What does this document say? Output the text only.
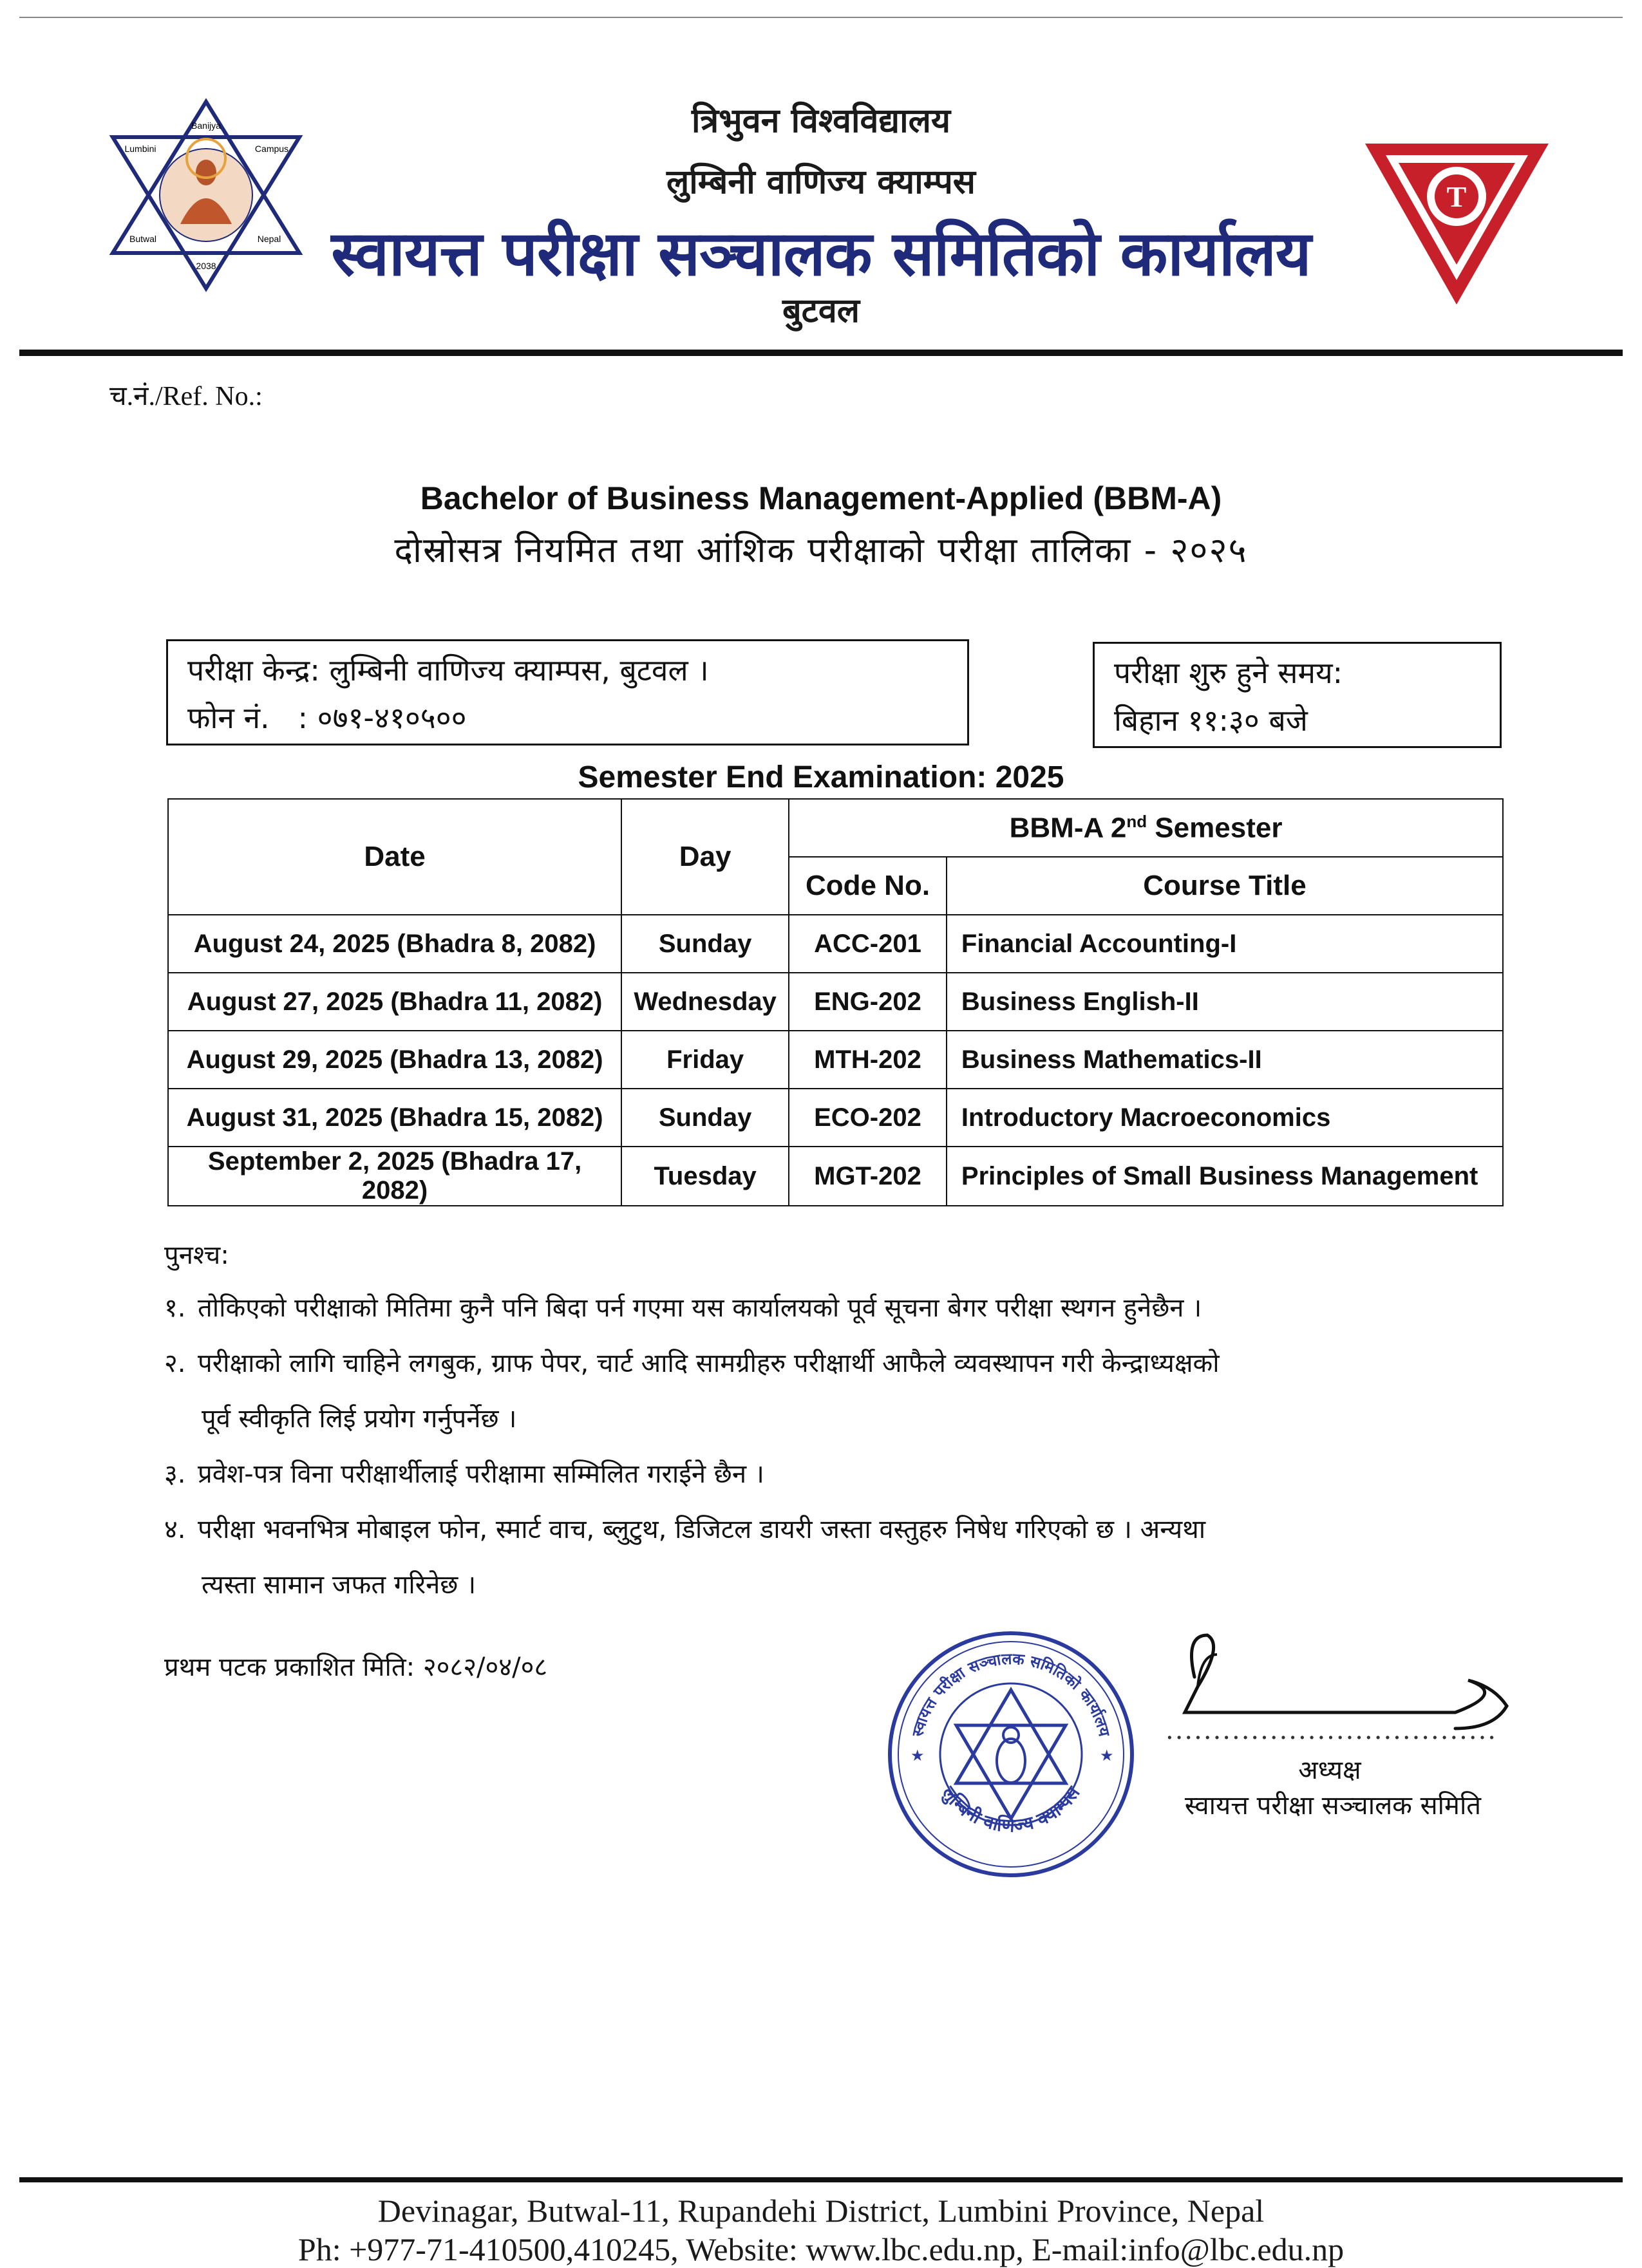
Banijya
Lumbini	Campus
Butwal	Nepal
2038
त्रिभुवन विश्वविद्यालय
लुम्बिनी वाणिज्य क्याम्पस
स्वायत्त परीक्षा सञ्चालक समितिको कार्यालय
बुटवल
T
च.नं./Ref. No.:
Bachelor of Business Management-Applied (BBM-A)
दोस्रोसत्र नियमित तथा आंशिक परीक्षाको परीक्षा तालिका - २०२५
परीक्षा केन्द्र: लुम्बिनी वाणिज्य क्याम्पस, बुटवल ।
फोन नं.   : ०७१-४१०५००
परीक्षा शुरु हुने समय:
बिहान ११:३० बजे
Semester End Examination: 2025
Date	Day	BBM-A 2nd Semester	
		Code No.	Course Title
August 24, 2025 (Bhadra 8, 2082)	Sunday	ACC-201	Financial Accounting-I
August 27, 2025 (Bhadra 11, 2082)	Wednesday	ENG-202	Business English-II
August 29, 2025 (Bhadra 13, 2082)	Friday	MTH-202	Business Mathematics-II
August 31, 2025 (Bhadra 15, 2082)	Sunday	ECO-202	Introductory Macroeconomics
September 2, 2025 (Bhadra 17, 2082)	Tuesday	MGT-202	Principles of Small Business Management
पुनश्च:
१. तोकिएको परीक्षाको मितिमा कुनै पनि बिदा पर्न गएमा यस कार्यालयको पूर्व सूचना बेगर परीक्षा स्थगन हुनेछैन ।
२. परीक्षाको लागि चाहिने लगबुक, ग्राफ पेपर, चार्ट आदि सामग्रीहरु परीक्षार्थी आफैले व्यवस्थापन गरी केन्द्राध्यक्षको
पूर्व स्वीकृति लिई प्रयोग गर्नुपर्नेछ ।
३. प्रवेश-पत्र विना परीक्षार्थीलाई परीक्षामा सम्मिलित गराईने छैन ।
४. परीक्षा भवनभित्र मोबाइल फोन, स्मार्ट वाच, ब्लुटुथ, डिजिटल डायरी जस्ता वस्तुहरु निषेध गरिएको छ । अन्यथा
त्यस्ता सामान जफत गरिनेछ ।
प्रथम पटक प्रकाशित मिति: २०८२/०४/०८
स्वायत्त परीक्षा सञ्चालक समितिको कार्यालय
लुम्बिनी वाणिज्य क्याम्पस
★	★
...................................
अध्यक्ष
स्वायत्त परीक्षा सञ्चालक समिति
Devinagar, Butwal-11, Rupandehi District, Lumbini Province, Nepal
Ph: +977-71-410500,410245, Website: www.lbc.edu.np, E-mail:info@lbc.edu.np
